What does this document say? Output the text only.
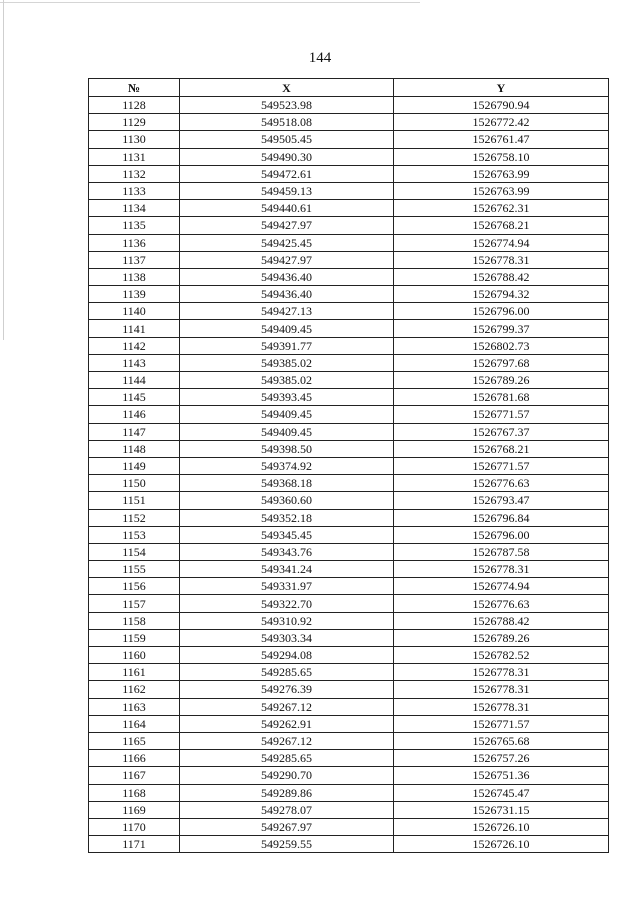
144
№	X	Y
1128	549523.98	1526790.94
1129	549518.08	1526772.42
1130	549505.45	1526761.47
1131	549490.30	1526758.10
1132	549472.61	1526763.99
1133	549459.13	1526763.99
1134	549440.61	1526762.31
1135	549427.97	1526768.21
1136	549425.45	1526774.94
1137	549427.97	1526778.31
1138	549436.40	1526788.42
1139	549436.40	1526794.32
1140	549427.13	1526796.00
1141	549409.45	1526799.37
1142	549391.77	1526802.73
1143	549385.02	1526797.68
1144	549385.02	1526789.26
1145	549393.45	1526781.68
1146	549409.45	1526771.57
1147	549409.45	1526767.37
1148	549398.50	1526768.21
1149	549374.92	1526771.57
1150	549368.18	1526776.63
1151	549360.60	1526793.47
1152	549352.18	1526796.84
1153	549345.45	1526796.00
1154	549343.76	1526787.58
1155	549341.24	1526778.31
1156	549331.97	1526774.94
1157	549322.70	1526776.63
1158	549310.92	1526788.42
1159	549303.34	1526789.26
1160	549294.08	1526782.52
1161	549285.65	1526778.31
1162	549276.39	1526778.31
1163	549267.12	1526778.31
1164	549262.91	1526771.57
1165	549267.12	1526765.68
1166	549285.65	1526757.26
1167	549290.70	1526751.36
1168	549289.86	1526745.47
1169	549278.07	1526731.15
1170	549267.97	1526726.10
1171	549259.55	1526726.10
